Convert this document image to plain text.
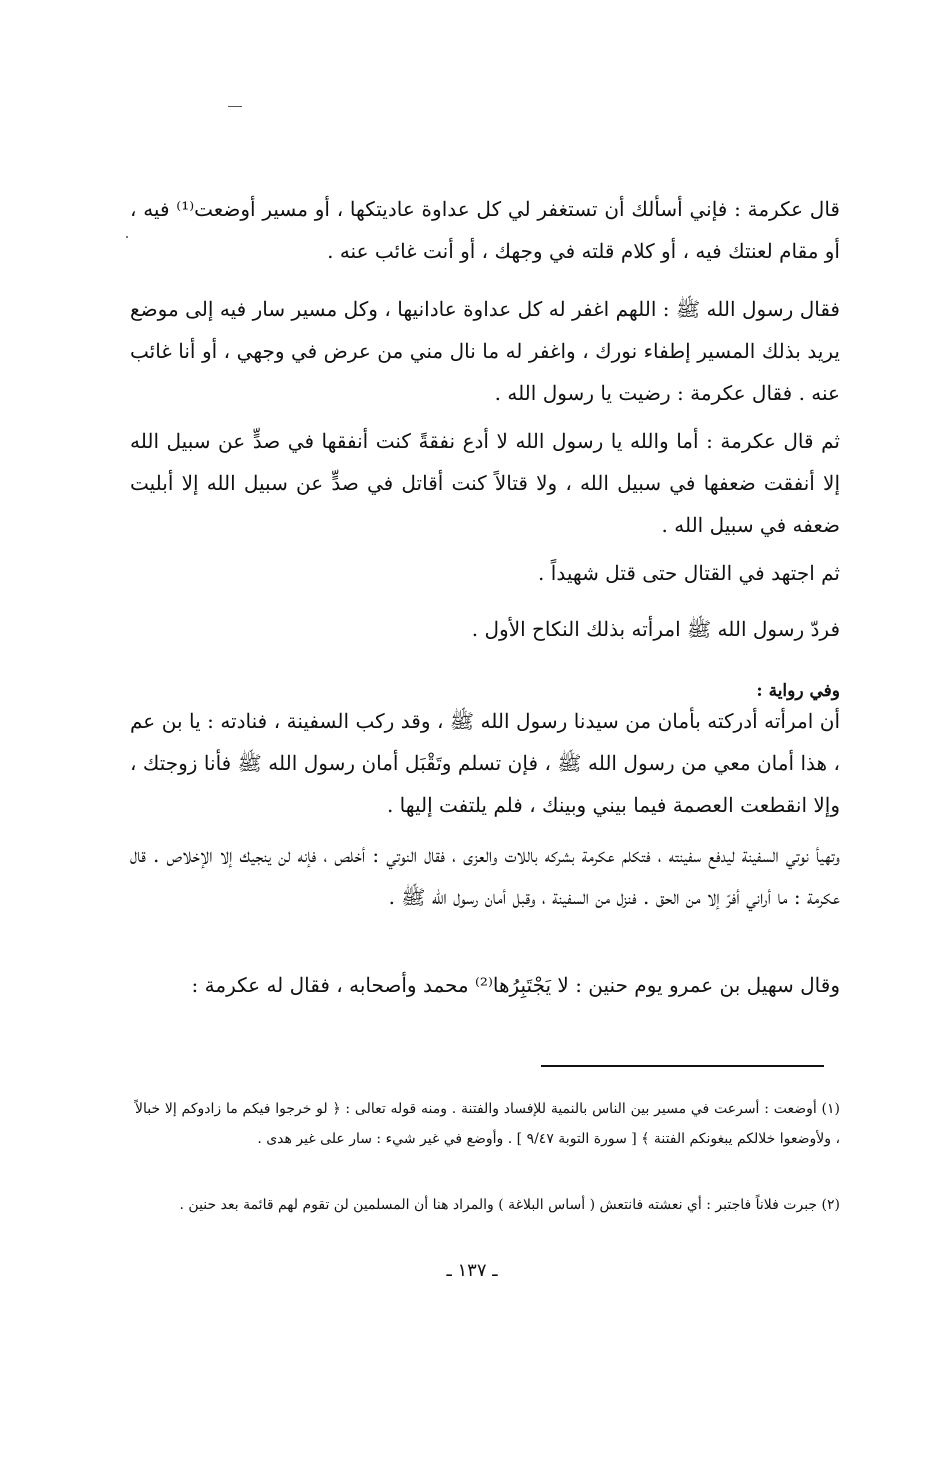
قال عكرمة : فإني أسألك أن تستغفر لي كل عداوة عاديتكها ، أو مسير أوضعت⁽¹⁾ فيه ، أو مقام لعنتك فيه ، أو كلام قلته في وجهك ، أو أنت غائب عنه .

فقال رسول الله ﷺ : اللهم اغفر له كل عداوة عادانيها ، وكل مسير سار فيه إلى موضع يريد بذلك المسير إطفاء نورك ، واغفر له ما نال مني من عرض في وجهي ، أو أنا غائب عنه . فقال عكرمة : رضيت يا رسول الله .

ثم قال عكرمة : أما والله يا رسول الله لا أدع نفقةً كنت أنفقها في صدٍّ عن سبيل الله إلا أنفقت ضعفها في سبيل الله ، ولا قتالاً كنت أقاتل في صدٍّ عن سبيل الله إلا أبليت ضعفه في سبيل الله .

ثم اجتهد في القتال حتى قتل شهيداً .
فردّ رسول الله ﷺ امرأته بذلك النكاح الأول .
وفي رواية :

أن امرأته أدركته بأمان من سيدنا رسول الله ﷺ ، وقد ركب السفينة ، فنادته : يا بن عم ، هذا أمان معي من رسول الله ﷺ ، فإن تسلم وتَقْبَل أمان رسول الله ﷺ فأنا زوجتك ، وإلا انقطعت العصمة فيما بيني وبينك ، فلم يلتفت إليها .

وتهيأ نوتي السفينة ليدفع سفينته ، فتكلم عكرمة بشركه باللات والعزى ، فقال النوتي : أخلص ، فإنه لن ينجيك إلا الإخلاص . قال عكرمة : ما أراني أفرّ إلا من الحق . فنزل من السفينة ، وقبل أمان رسول الله ﷺ .

وقال سهيل بن عمرو يوم حنين : لا يَجْتَبِرُها⁽²⁾ محمد وأصحابه ، فقال له عكرمة :

(١) أوضعت : أسرعت في مسير بين الناس بالنمية للإفساد والفتنة . ومنه قوله تعالى : ﴿ لو خرجوا فيكم ما زادوكم إلا خبالاً ، ولأوضعوا خلالكم يبغونكم الفتنة ﴾ [ سورة التوبة ٩/٤٧ ] . وأوضع في غير شيء : سار على غير هدى .

(٢) جبرت فلاناً فاجتبر : أي نعشته فانتعش ( أساس البلاغة ) والمراد هنا أن المسلمين لن تقوم لهم قائمة بعد حنين .

ـ ١٣٧ ـ
